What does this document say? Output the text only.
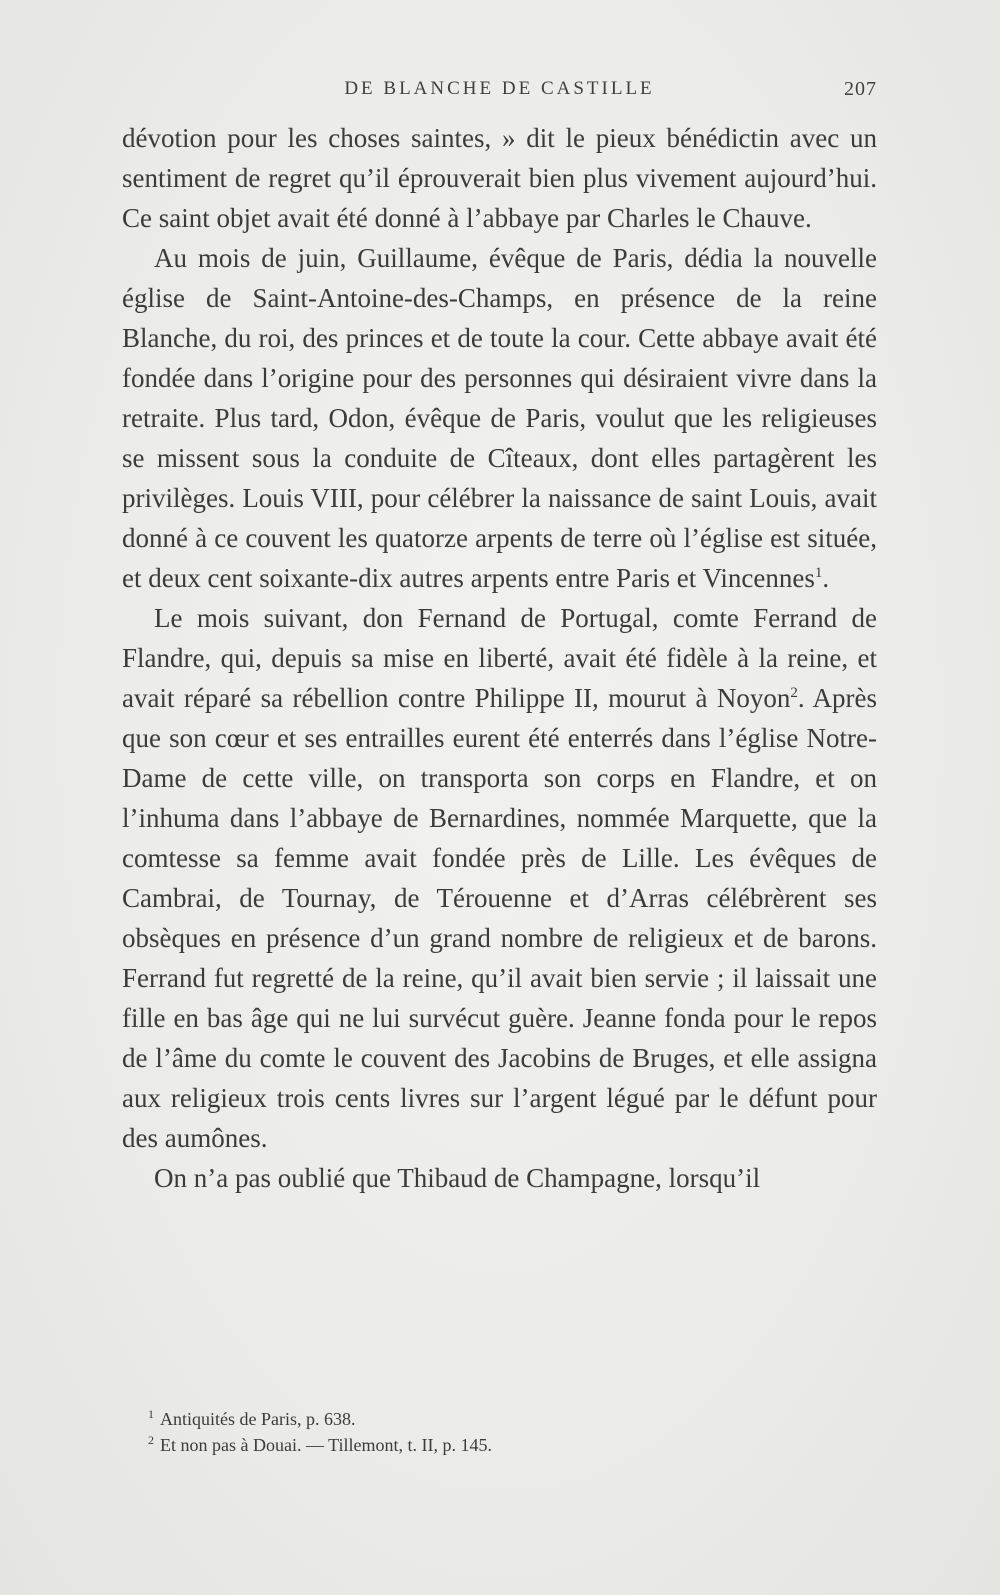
DE BLANCHE DE CASTILLE	207

dévotion pour les choses saintes, » dit le pieux bénédictin avec un sentiment de regret qu’il éprouverait bien plus vivement aujourd’hui. Ce saint objet avait été donné à l’abbaye par Charles le Chauve.

Au mois de juin, Guillaume, évêque de Paris, dédia la nouvelle église de Saint-Antoine-des-Champs, en présence de la reine Blanche, du roi, des princes et de toute la cour. Cette abbaye avait été fondée dans l’origine pour des personnes qui désiraient vivre dans la retraite. Plus tard, Odon, évêque de Paris, voulut que les religieuses se missent sous la conduite de Cîteaux, dont elles partagèrent les privilèges. Louis VIII, pour célébrer la naissance de saint Louis, avait donné à ce couvent les quatorze arpents de terre où l’église est située, et deux cent soixante-dix autres arpents entre Paris et Vincennes$^1$.

Le mois suivant, don Fernand de Portugal, comte Ferrand de Flandre, qui, depuis sa mise en liberté, avait été fidèle à la reine, et avait réparé sa rébellion contre Philippe II, mourut à Noyon$^2$. Après que son cœur et ses entrailles eurent été enterrés dans l’église Notre-Dame de cette ville, on transporta son corps en Flandre, et on l’inhuma dans l’abbaye de Bernardines, nommée Marquette, que la comtesse sa femme avait fondée près de Lille. Les évêques de Cambrai, de Tournay, de Térouenne et d’Arras célébrèrent ses obsèques en présence d’un grand nombre de religieux et de barons. Ferrand fut regretté de la reine, qu’il avait bien servie ; il laissait une fille en bas âge qui ne lui survécut guère. Jeanne fonda pour le repos de l’âme du comte le couvent des Jacobins de Bruges, et elle assigna aux religieux trois cents livres sur l’argent légué par le défunt pour des aumônes.

On n’a pas oublié que Thibaud de Champagne, lorsqu’il

$^1$ Antiquités de Paris, p. 638.

$^2$ Et non pas à Douai. — Tillemont, t. II, p. 145.
